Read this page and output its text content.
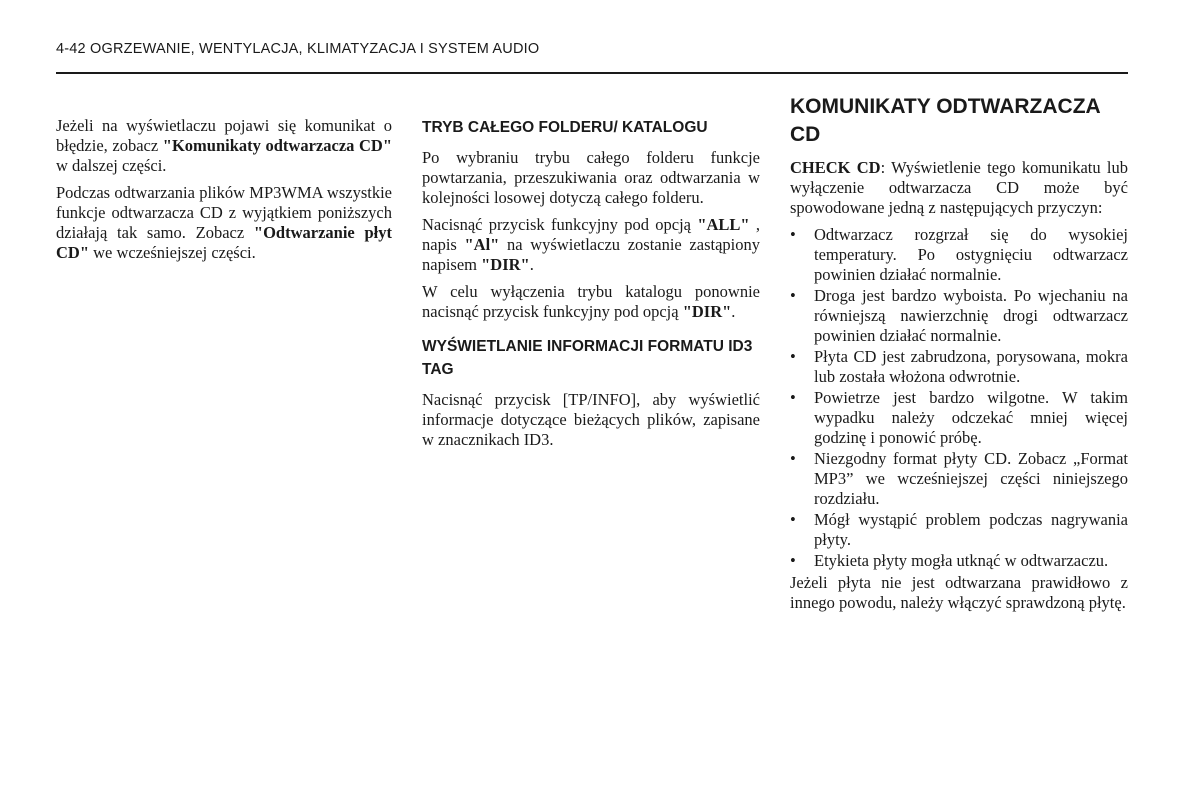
4-42 OGRZEWANIE, WENTYLACJA, KLIMATYZACJA I SYSTEM AUDIO

Jeżeli na wyświetlaczu pojawi się komunikat o błędzie, zobacz "Komunikaty odtwarzacza CD" w dalszej części.

Podczas odtwarzania plików MP3WMA wszystkie funkcje odtwarzacza CD z wyjątkiem poniższych działają tak samo. Zobacz "Odtwarzanie płyt CD" we wcześniejszej części.

TRYB CAŁEGO FOLDERU/ KATALOGU

Po wybraniu trybu całego folderu funkcje powtarzania, przeszukiwania oraz odtwarzania w kolejności losowej dotyczą całego folderu.

Nacisnąć przycisk funkcyjny pod opcją "ALL" , napis "Al" na wyświetlaczu zostanie zastąpiony napisem "DIR".

W celu wyłączenia trybu katalogu ponownie nacisnąć przycisk funkcyjny pod opcją "DIR".

WYŚWIETLANIE INFORMACJI FORMATU ID3 TAG

Nacisnąć przycisk [TP/INFO], aby wyświetlić informacje dotyczące bieżących plików, zapisane w znacznikach ID3.

KOMUNIKATY ODTWARZACZA CD

CHECK CD: Wyświetlenie tego komunikatu lub wyłączenie odtwarzacza CD może być spowodowane jedną z następujących przyczyn:

• Odtwarzacz rozgrzał się do wysokiej temperatury. Po ostygnięciu odtwarzacz powinien działać normalnie.
• Droga jest bardzo wyboista. Po wjechaniu na równiejszą nawierzchnię drogi odtwarzacz powinien działać normalnie.
• Płyta CD jest zabrudzona, porysowana, mokra lub została włożona odwrotnie.
• Powietrze jest bardzo wilgotne. W takim wypadku należy odczekać mniej więcej godzinę i ponowić próbę.
• Niezgodny format płyty CD. Zobacz „Format MP3” we wcześniejszej części niniejszego rozdziału.
• Mógł wystąpić problem podczas nagrywania płyty.
• Etykieta płyty mogła utknąć w odtwarzaczu.

Jeżeli płyta nie jest odtwarzana prawidłowo z innego powodu, należy włączyć sprawdzoną płytę.
